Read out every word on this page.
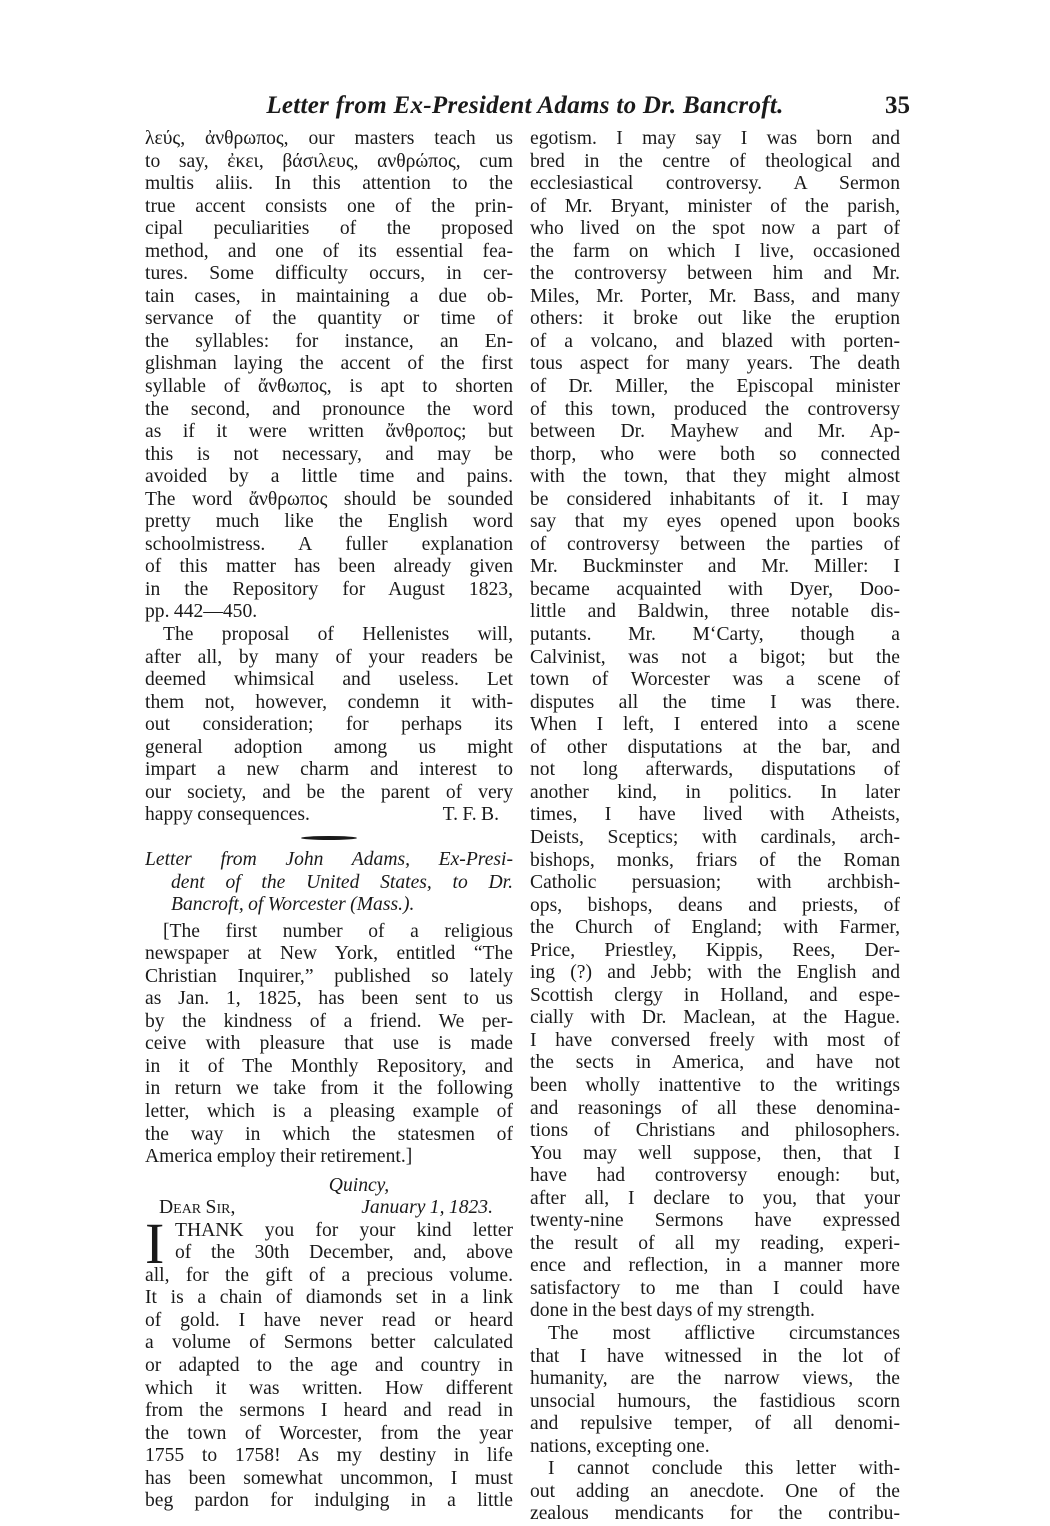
Letter from Ex-President Adams to Dr. Bancroft.	35
λεύς, ἀνθρωπος, our masters teach us
to say, ἐκει, βάσιλευς, ανθρώπος, cum
multis aliis. In this attention to the
true accent consists one of the prin-
cipal peculiarities of the proposed
method, and one of its essential fea-
tures. Some difficulty occurs, in cer-
tain cases, in maintaining a due ob-
servance of the quantity or time of
the syllables: for instance, an En-
glishman laying the accent of the first
syllable of ἄνθωπος, is apt to shorten
the second, and pronounce the word
as if it were written ἄνθροπος; but
this is not necessary, and may be
avoided by a little time and pains.
The word ἄνθρωπος should be sounded
pretty much like the English word
schoolmistress. A fuller explanation
of this matter has been already given
in the Repository for August 1823,
pp. 442—450.
The proposal of Hellenistes will,
after all, by many of your readers be
deemed whimsical and useless. Let
them not, however, condemn it with-
out consideration; for perhaps its
general adoption among us might
impart a new charm and interest to
our society, and be the parent of very
happy consequences.	T. F. B.
Letter from John Adams, Ex-Presi-
dent of the United States, to Dr.
Bancroft, of Worcester (Mass.).
[The first number of a religious
newspaper at New York, entitled “The
Christian Inquirer,” published so lately
as Jan. 1, 1825, has been sent to us
by the kindness of a friend. We per-
ceive with pleasure that use is made
in it of The Monthly Repository, and
in return we take from it the following
letter, which is a pleasing example of
the way in which the statesmen of
America employ their retirement.]
Quincy,
Dear Sir,	January 1, 1823.
I THANK you for your kind letter
of the 30th December, and, above
all, for the gift of a precious volume.
It is a chain of diamonds set in a link
of gold. I have never read or heard
a volume of Sermons better calculated
or adapted to the age and country in
which it was written. How different
from the sermons I heard and read in
the town of Worcester, from the year
1755 to 1758! As my destiny in life
has been somewhat uncommon, I must
beg pardon for indulging in a little
egotism. I may say I was born and
bred in the centre of theological and
ecclesiastical controversy. A Sermon
of Mr. Bryant, minister of the parish,
who lived on the spot now a part of
the farm on which I live, occasioned
the controversy between him and Mr.
Miles, Mr. Porter, Mr. Bass, and many
others: it broke out like the eruption
of a volcano, and blazed with porten-
tous aspect for many years. The death
of Dr. Miller, the Episcopal minister
of this town, produced the controversy
between Dr. Mayhew and Mr. Ap-
thorp, who were both so connected
with the town, that they might almost
be considered inhabitants of it. I may
say that my eyes opened upon books
of controversy between the parties of
Mr. Buckminster and Mr. Miller: I
became acquainted with Dyer, Doo-
little and Baldwin, three notable dis-
putants. Mr. M‘Carty, though a
Calvinist, was not a bigot; but the
town of Worcester was a scene of
disputes all the time I was there.
When I left, I entered into a scene
of other disputations at the bar, and
not long afterwards, disputations of
another kind, in politics. In later
times, I have lived with Atheists,
Deists, Sceptics; with cardinals, arch-
bishops, monks, friars of the Roman
Catholic persuasion; with archbish-
ops, bishops, deans and priests, of
the Church of England; with Farmer,
Price, Priestley, Kippis, Rees, Der-
ing (?) and Jebb; with the English and
Scottish clergy in Holland, and espe-
cially with Dr. Maclean, at the Hague.
I have conversed freely with most of
the sects in America, and have not
been wholly inattentive to the writings
and reasonings of all these denomina-
tions of Christians and philosophers.
You may well suppose, then, that I
have had controversy enough: but,
after all, I declare to you, that your
twenty-nine Sermons have expressed
the result of all my reading, experi-
ence and reflection, in a manner more
satisfactory to me than I could have
done in the best days of my strength.
The most afflictive circumstances
that I have witnessed in the lot of
humanity, are the narrow views, the
unsocial humours, the fastidious scorn
and repulsive temper, of all denomi-
nations, excepting one.
I cannot conclude this letter with-
out adding an anecdote. One of the
zealous mendicants for the contribu-
